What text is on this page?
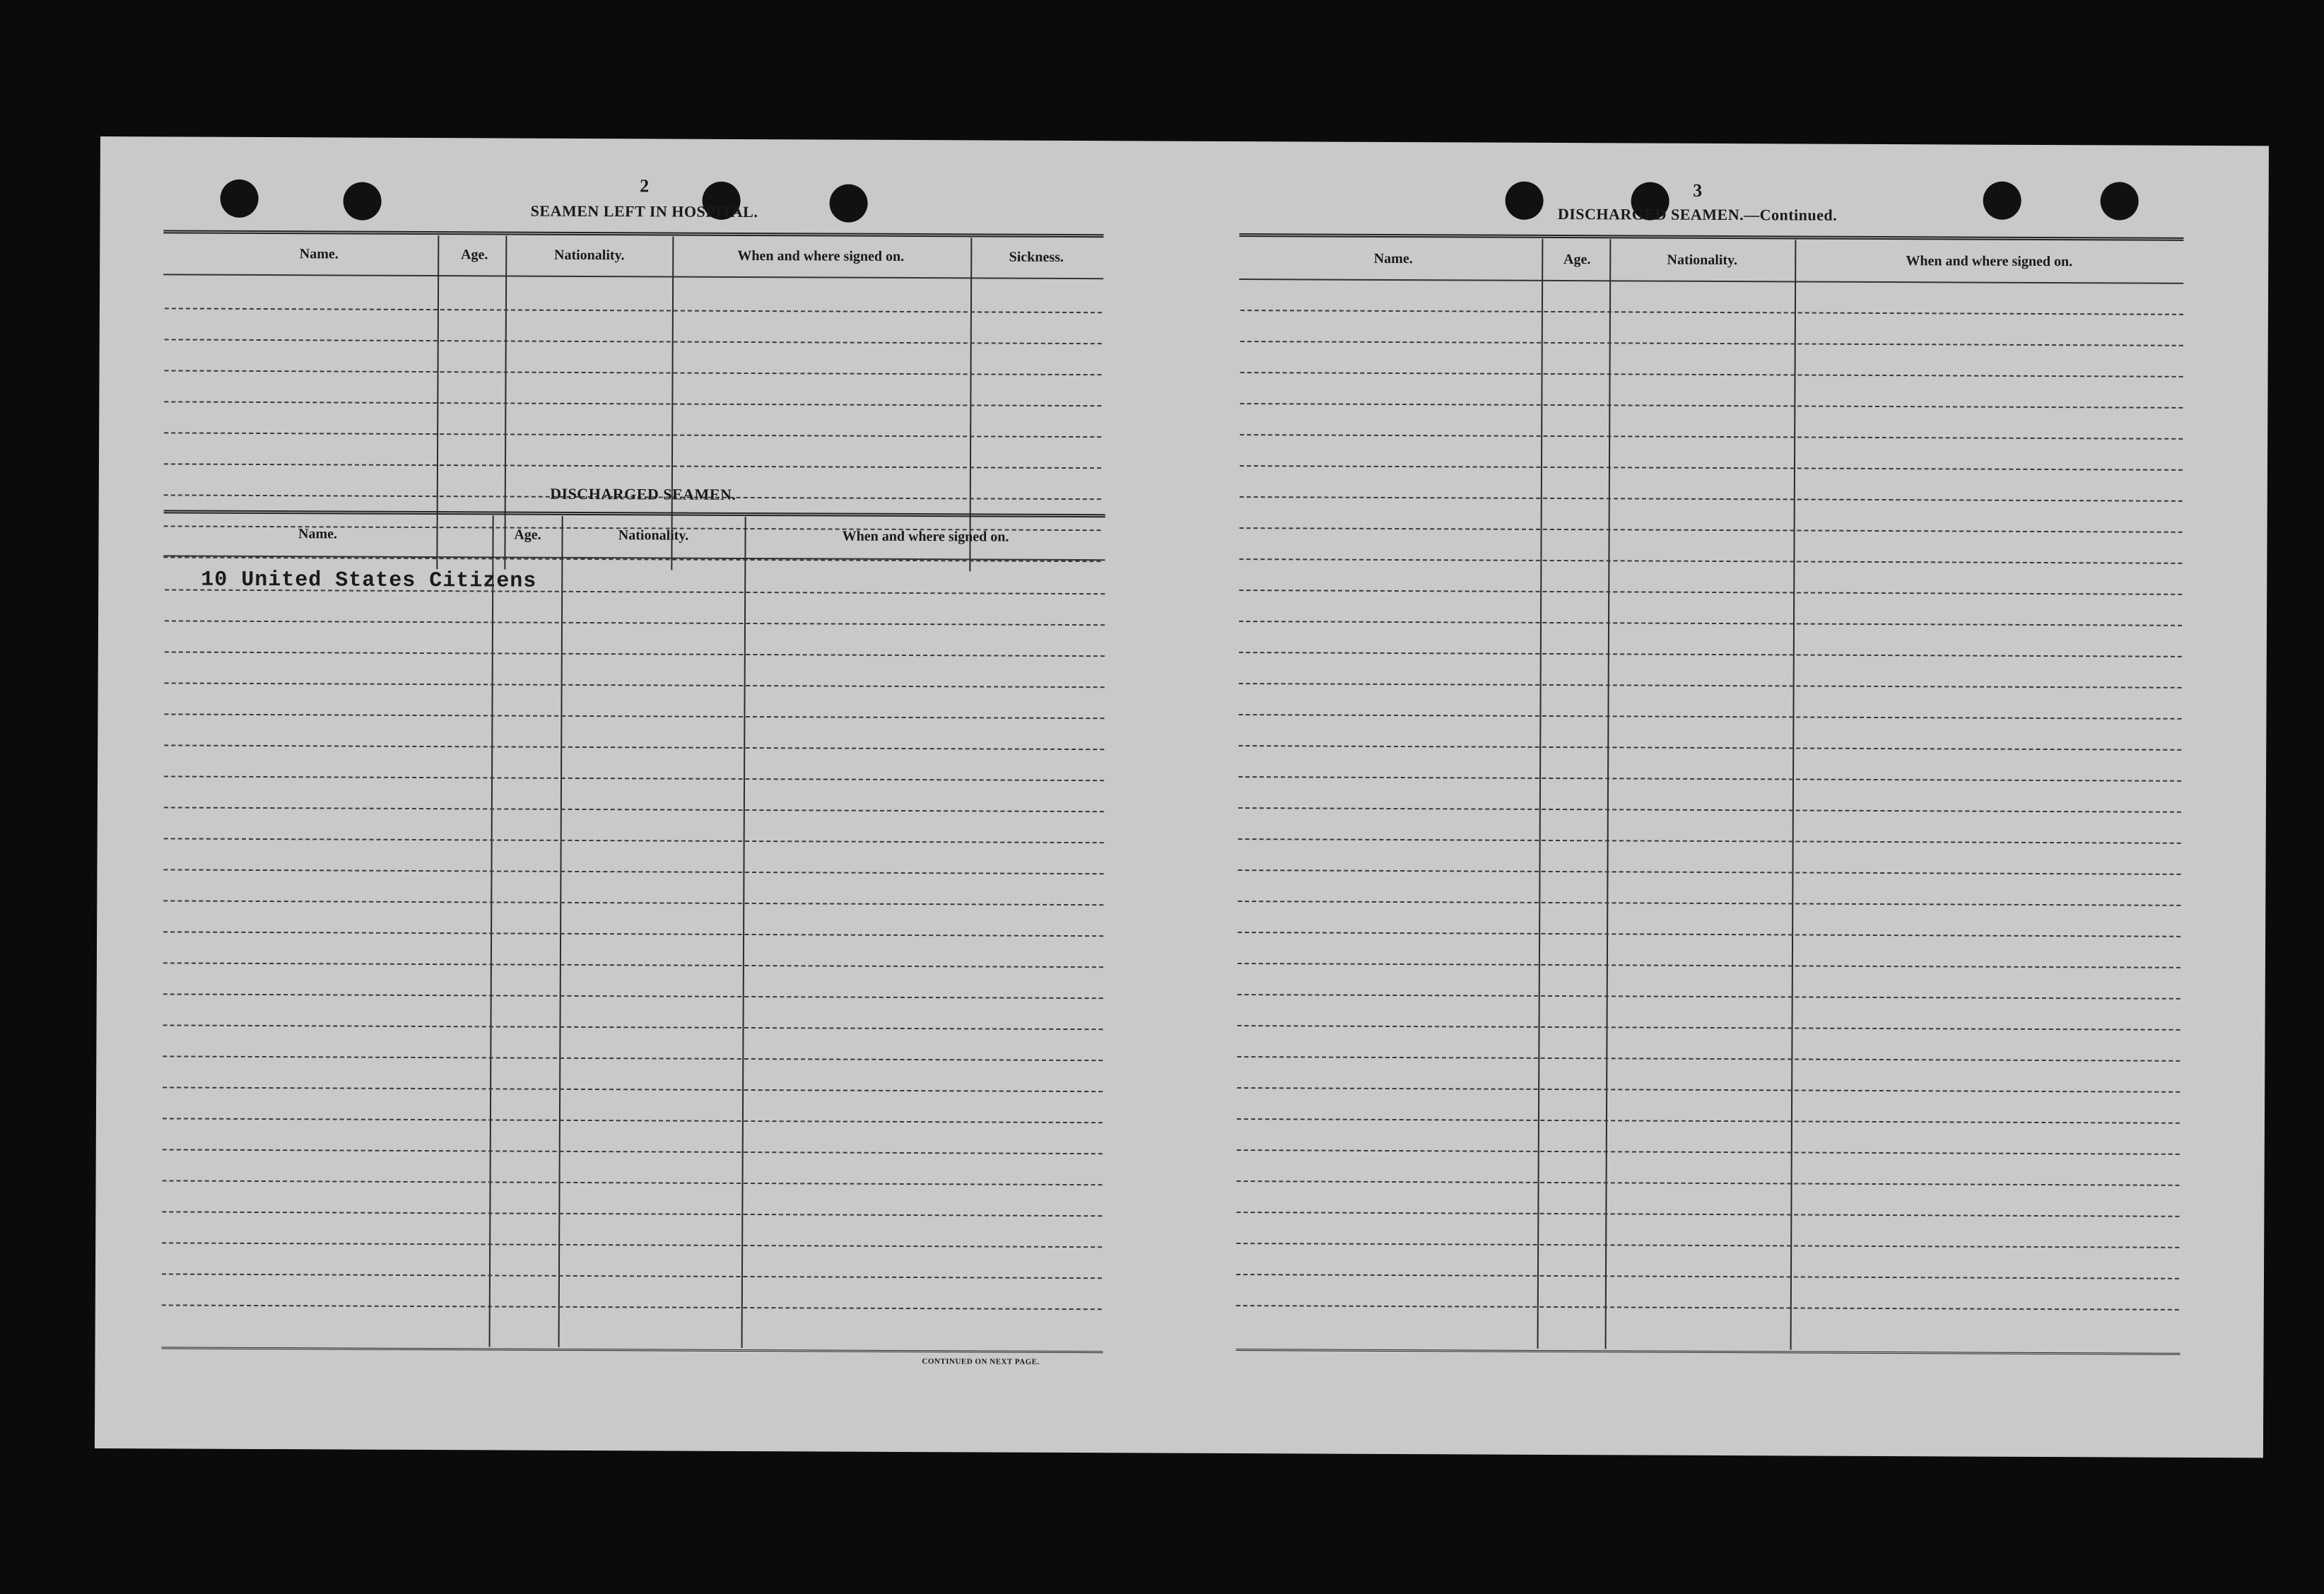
2
SEAMEN LEFT IN HOSPITAL.
Name.	Age.	Nationality.	When and where signed on.	Sickness.
DISCHARGED SEAMEN.
Name.	Age.	Nationality.	When and where signed on.
10 United States Citizens
CONTINUED ON NEXT PAGE.
3
DISCHARGED SEAMEN.—Continued.
Name.	Age.	Nationality.	When and where signed on.
